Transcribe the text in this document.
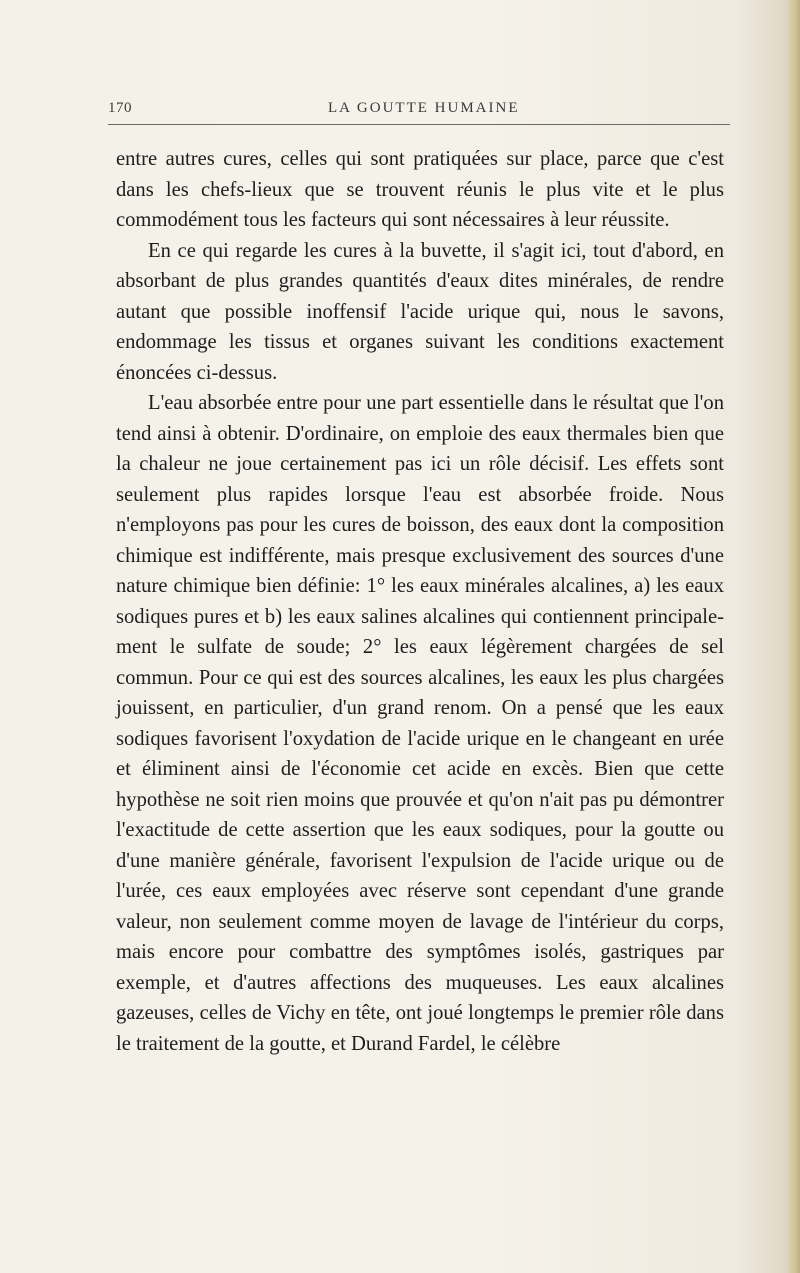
170	LA GOUTTE HUMAINE

entre autres cures, celles qui sont pratiquées sur place, parce que c'est dans les chefs-lieux que se trouvent réunis le plus vite et le plus commodément tous les facteurs qui sont nécessaires à leur réussite.

En ce qui regarde les cures à la buvette, il s'agit ici, tout d'abord, en absorbant de plus grandes quantités d'eaux dites minérales, de rendre autant que possible inoffensif l'acide urique qui, nous le savons, endommage les tissus et organes suivant les conditions exactement énoncées ci-dessus.

L'eau absorbée entre pour une part essentielle dans le résultat que l'on tend ainsi à obtenir. D'ordinaire, on emploie des eaux thermales bien que la chaleur ne joue certainement pas ici un rôle décisif. Les effets sont seulement plus rapides lorsque l'eau est absorbée froide. Nous n'employons pas pour les cures de boisson, des eaux dont la composition chimique est indifférente, mais presque exclusivement des sources d'une nature chimique bien définie: 1° les eaux minérales alcalines, a) les eaux sodiques pures et b) les eaux salines alcalines qui contiennent principale-ment le sulfate de soude; 2° les eaux légèrement chargées de sel commun. Pour ce qui est des sources alcalines, les eaux les plus chargées jouissent, en particulier, d'un grand renom. On a pensé que les eaux sodiques favorisent l'oxydation de l'acide urique en le changeant en urée et éliminent ainsi de l'économie cet acide en excès. Bien que cette hypothèse ne soit rien moins que prouvée et qu'on n'ait pas pu démontrer l'exactitude de cette assertion que les eaux sodiques, pour la goutte ou d'une manière générale, favorisent l'expulsion de l'acide urique ou de l'urée, ces eaux employées avec réserve sont cependant d'une grande valeur, non seulement comme moyen de lavage de l'intérieur du corps, mais encore pour combattre des symptômes isolés, gastriques par exemple, et d'autres affections des muqueuses. Les eaux alcalines gazeuses, celles de Vichy en tête, ont joué longtemps le premier rôle dans le traitement de la goutte, et Durand Fardel, le célèbre
